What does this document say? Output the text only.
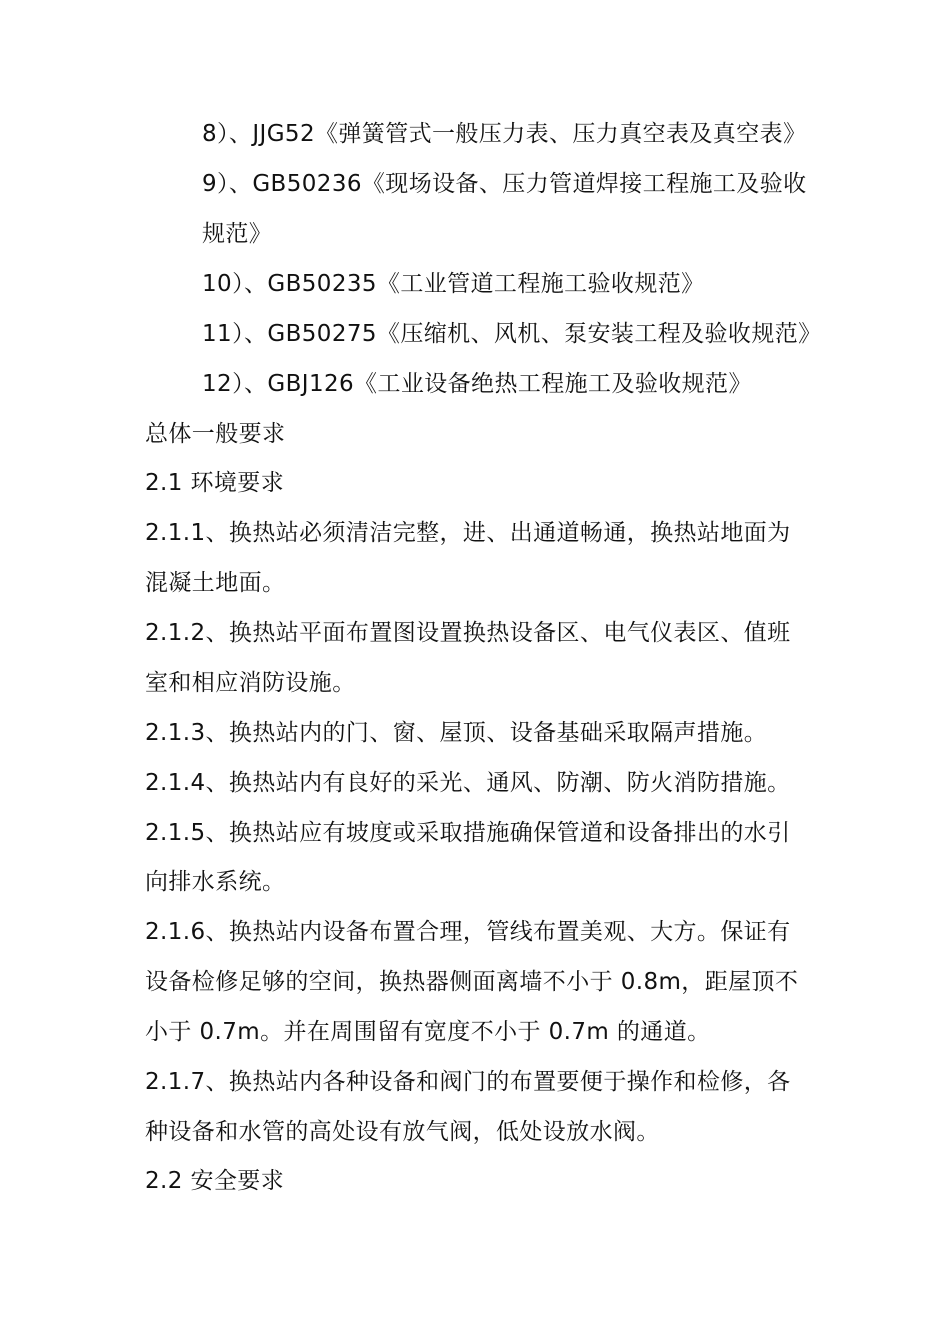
8）、JJG52《弹簧管式一般压力表、压力真空表及真空表》
9）、GB50236《现场设备、压力管道焊接工程施工及验收
规范》
10）、GB50235《工业管道工程施工验收规范》
11）、GB50275《压缩机、风机、泵安装工程及验收规范》
12）、GBJ126《工业设备绝热工程施工及验收规范》
总体一般要求
2.1 环境要求
2.1.1、换热站必须清洁完整，进、出通道畅通，换热站地面为
混凝土地面。
2.1.2、换热站平面布置图设置换热设备区、电气仪表区、值班
室和相应消防设施。
2.1.3、换热站内的门、窗、屋顶、设备基础采取隔声措施。
2.1.4、换热站内有良好的采光、通风、防潮、防火消防措施。
2.1.5、换热站应有坡度或采取措施确保管道和设备排出的水引
向排水系统。
2.1.6、换热站内设备布置合理，管线布置美观、大方。保证有
设备检修足够的空间，换热器侧面离墙不小于 0.8m，距屋顶不
小于 0.7m。并在周围留有宽度不小于 0.7m 的通道。
2.1.7、换热站内各种设备和阀门的布置要便于操作和检修，各
种设备和水管的高处设有放气阀，低处设放水阀。
2.2 安全要求
